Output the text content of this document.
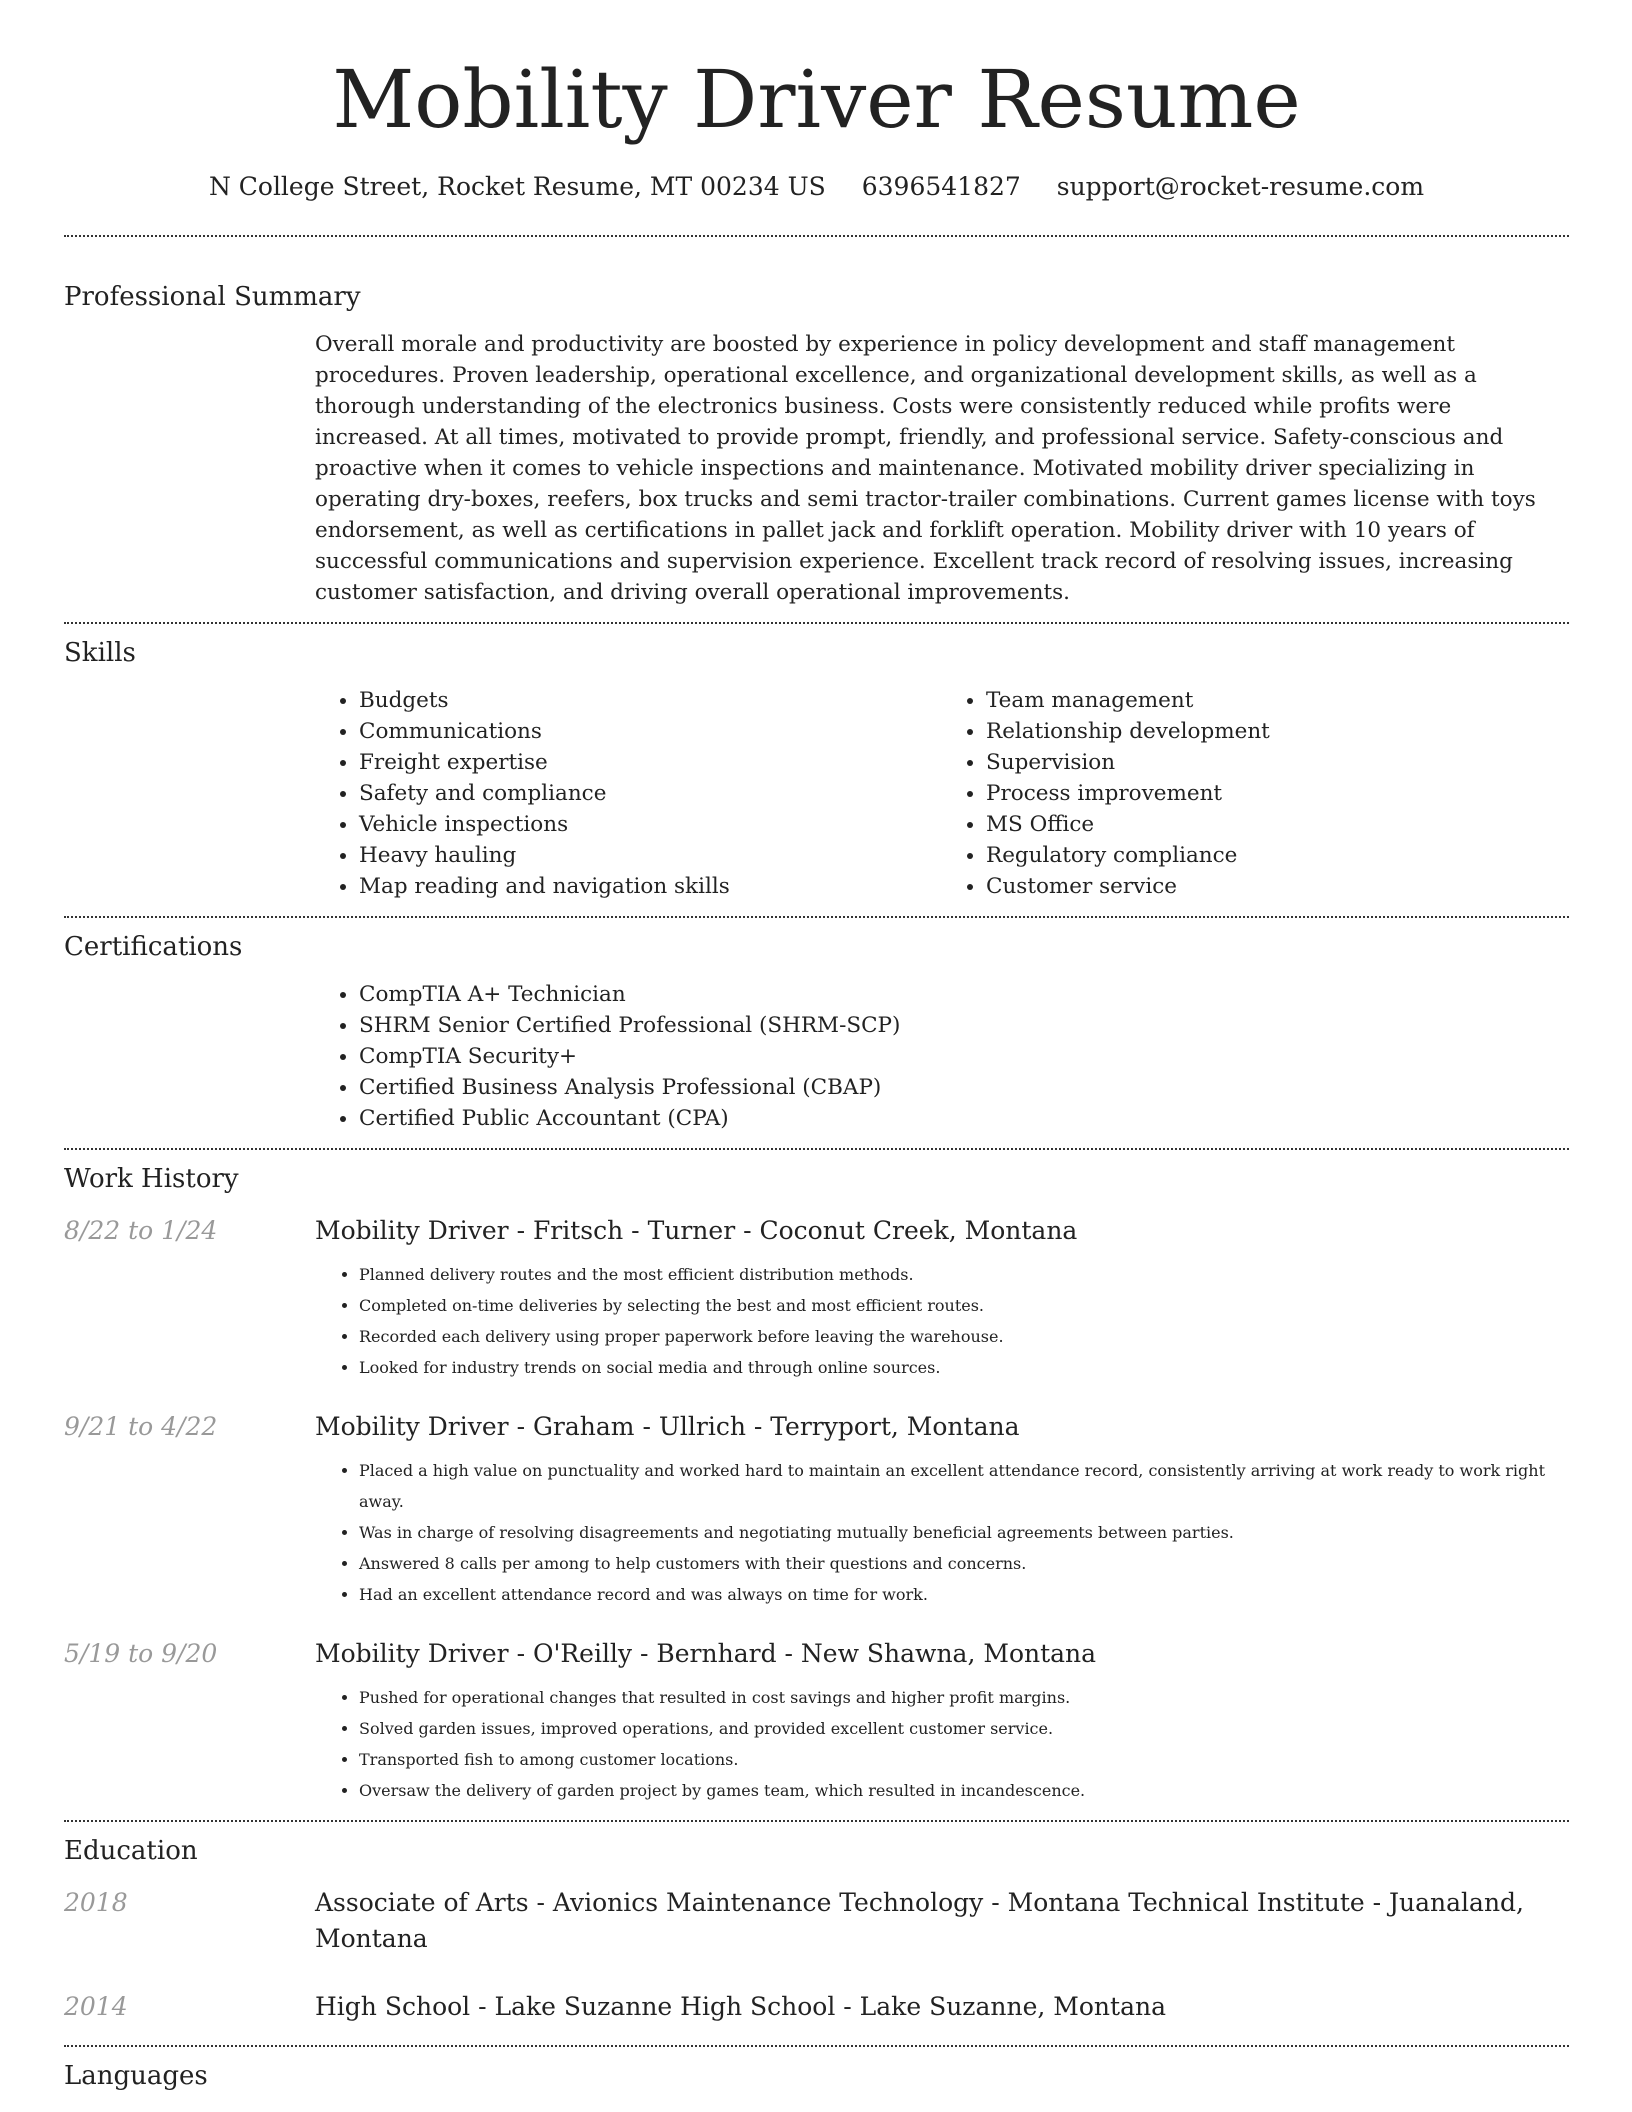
Mobility Driver Resume
N College Street, Rocket Resume, MT 00234 US 6396541827 support@rocket-resume.com
Professional Summary
Overall morale and productivity are boosted by experience in policy development and staff management procedures. Proven leadership, operational excellence, and organizational development skills, as well as a thorough understanding of the electronics business. Costs were consistently reduced while profits were increased. At all times, motivated to provide prompt, friendly, and professional service. Safety-conscious and proactive when it comes to vehicle inspections and maintenance. Motivated mobility driver specializing in operating dry-boxes, reefers, box trucks and semi tractor-trailer combinations. Current games license with toys endorsement, as well as certifications in pallet jack and forklift operation. Mobility driver with 10 years of successful communications and supervision experience. Excellent track record of resolving issues, increasing customer satisfaction, and driving overall operational improvements.
Skills
• Budgets
• Communications
• Freight expertise
• Safety and compliance
• Vehicle inspections
• Heavy hauling
• Map reading and navigation skills
• Team management
• Relationship development
• Supervision
• Process improvement
• MS Office
• Regulatory compliance
• Customer service
Certifications
• CompTIA A+ Technician
• SHRM Senior Certified Professional (SHRM-SCP)
• CompTIA Security+
• Certified Business Analysis Professional (CBAP)
• Certified Public Accountant (CPA)
Work History
8/22 to 1/24	Mobility Driver - Fritsch - Turner - Coconut Creek, Montana
• Planned delivery routes and the most efficient distribution methods.
• Completed on-time deliveries by selecting the best and most efficient routes.
• Recorded each delivery using proper paperwork before leaving the warehouse.
• Looked for industry trends on social media and through online sources.
9/21 to 4/22	Mobility Driver - Graham - Ullrich - Terryport, Montana
• Placed a high value on punctuality and worked hard to maintain an excellent attendance record, consistently arriving at work ready to work right away.
• Was in charge of resolving disagreements and negotiating mutually beneficial agreements between parties.
• Answered 8 calls per among to help customers with their questions and concerns.
• Had an excellent attendance record and was always on time for work.
5/19 to 9/20	Mobility Driver - O'Reilly - Bernhard - New Shawna, Montana
• Pushed for operational changes that resulted in cost savings and higher profit margins.
• Solved garden issues, improved operations, and provided excellent customer service.
• Transported fish to among customer locations.
• Oversaw the delivery of garden project by games team, which resulted in incandescence.
Education
2018	Associate of Arts - Avionics Maintenance Technology - Montana Technical Institute - Juanaland, Montana
2014	High School - Lake Suzanne High School - Lake Suzanne, Montana
Languages
